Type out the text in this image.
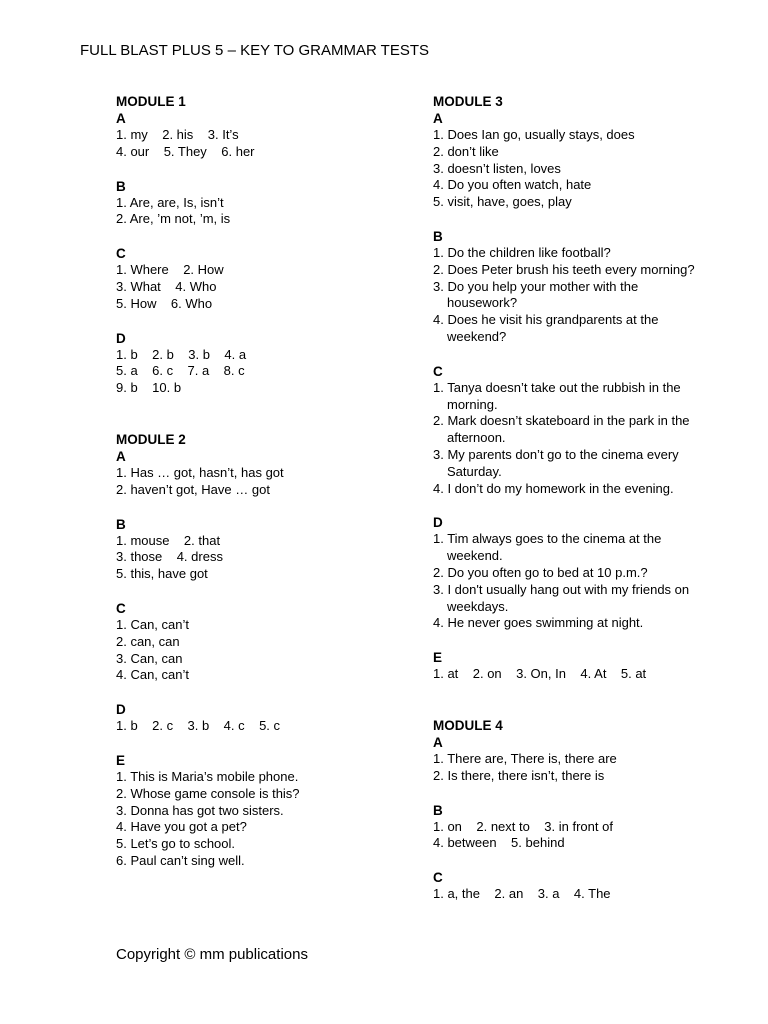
FULL BLAST PLUS 5 – KEY TO GRAMMAR TESTS
MODULE 1
A
1. my    2. his    3. It’s
4. our    5. They    6. her
B
1. Are, are, Is, isn’t
2. Are, ’m not, ’m, is
C
1. Where    2. How
3. What    4. Who
5. How    6. Who
D
1. b    2. b    3. b    4. a
5. a    6. c    7. a    8. c
9. b    10. b
MODULE 2
A
1. Has … got, hasn’t, has got
2. haven’t got, Have … got
B
1. mouse    2. that
3. those    4. dress
5. this, have got
C
1. Can, can’t
2. can, can
3. Can, can
4. Can, can’t
D
1. b    2. c    3. b    4. c    5. c
E
1. This is Maria’s mobile phone.
2. Whose game console is this?
3. Donna has got two sisters.
4. Have you got a pet?
5. Let’s go to school.
6. Paul can’t sing well.
MODULE 3
A
1. Does Ian go, usually stays, does
2. don’t like
3. doesn’t listen, loves
4. Do you often watch, hate
5. visit, have, goes, play
B
1. Do the children like football?
2. Does Peter brush his teeth every morning?
3. Do you help your mother with the housework?
4. Does he visit his grandparents at the weekend?
C
1. Tanya doesn’t take out the rubbish in the morning.
2. Mark doesn’t skateboard in the park in the afternoon.
3. My parents don’t go to the cinema every Saturday.
4. I don’t do my homework in the evening.
D
1. Tim always goes to the cinema at the weekend.
2. Do you often go to bed at 10 p.m.?
3. I don't usually hang out with my friends on weekdays.
4. He never goes swimming at night.
E
1. at    2. on    3. On, In    4. At    5. at
MODULE 4
A
1. There are, There is, there are
2. Is there, there isn’t, there is
B
1. on    2. next to    3. in front of
4. between    5. behind
C
1. a, the    2. an    3. a    4. The
Copyright © mm publications
